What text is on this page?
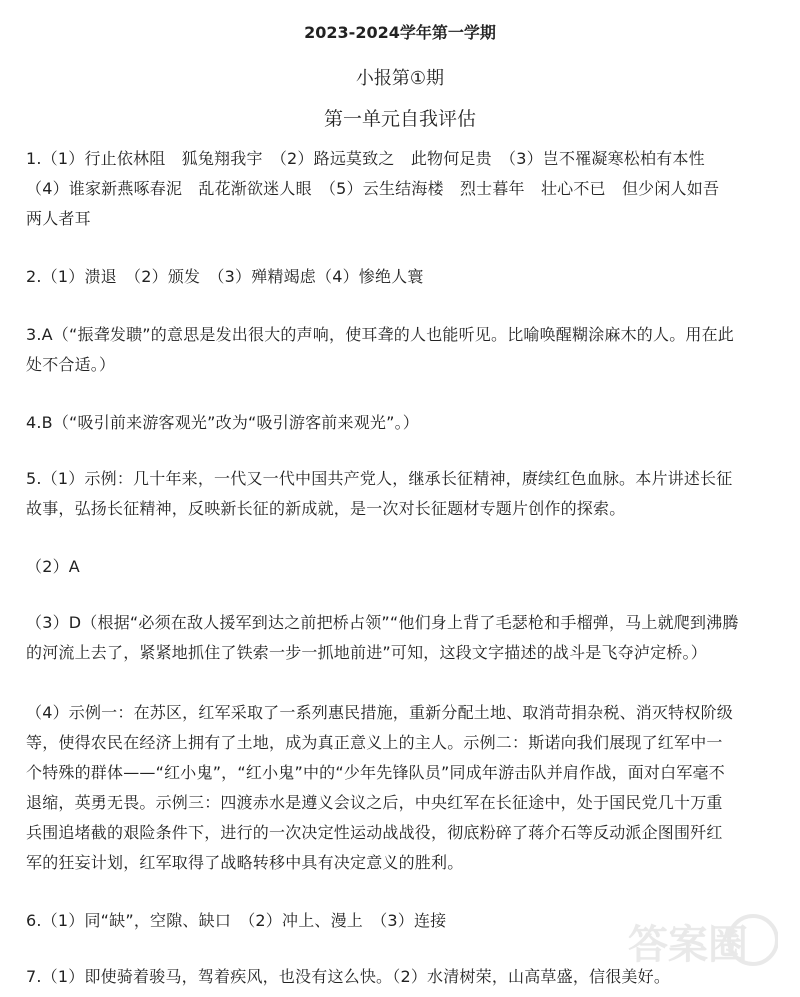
2023-2024学年第一学期
小报第①期
第一单元自我评估
1.（1）行止依林阻　狐兔翔我宇　（2）路远莫致之　此物何足贵　（3）岂不罹凝寒松柏有本性
（4）谁家新燕啄春泥　乱花渐欲迷人眼　（5）云生结海楼　烈士暮年　壮心不已　但少闲人如吾
两人者耳
2.（1）溃退　（2）颁发　（3）殚精竭虑（4）惨绝人寰
3.A（“振聋发聩”的意思是发出很大的声响，使耳聋的人也能听见。比喻唤醒糊涂麻木的人。用在此
处不合适。）
4.B（“吸引前来游客观光”改为“吸引游客前来观光”。）
5.（1）示例：几十年来，一代又一代中国共产党人，继承长征精神，赓续红色血脉。本片讲述长征
故事，弘扬长征精神，反映新长征的新成就，是一次对长征题材专题片创作的探索。
（2）A
（3）D（根据“必须在敌人援军到达之前把桥占领”“他们身上背了毛瑟枪和手榴弹，马上就爬到沸腾
的河流上去了，紧紧地抓住了铁索一步一抓地前进”可知，这段文字描述的战斗是飞夺泸定桥。）
（4）示例一：在苏区，红军采取了一系列惠民措施，重新分配土地、取消苛捐杂税、消灭特权阶级
等，使得农民在经济上拥有了土地，成为真正意义上的主人。示例二：斯诺向我们展现了红军中一
个特殊的群体——“红小鬼”，“红小鬼”中的“少年先锋队员”同成年游击队并肩作战，面对白军毫不
退缩，英勇无畏。示例三：四渡赤水是遵义会议之后，中央红军在长征途中，处于国民党几十万重
兵围追堵截的艰险条件下，进行的一次决定性运动战战役，彻底粉碎了蒋介石等反动派企图围歼红
军的狂妄计划，红军取得了战略转移中具有决定意义的胜利。
6.（1）同“缺”，空隙、缺口　（2）冲上、漫上　（3）连接
7.（1）即使骑着骏马，驾着疾风，也没有这么快。（2）水清树荣，山高草盛，信很美好。
答案圈
